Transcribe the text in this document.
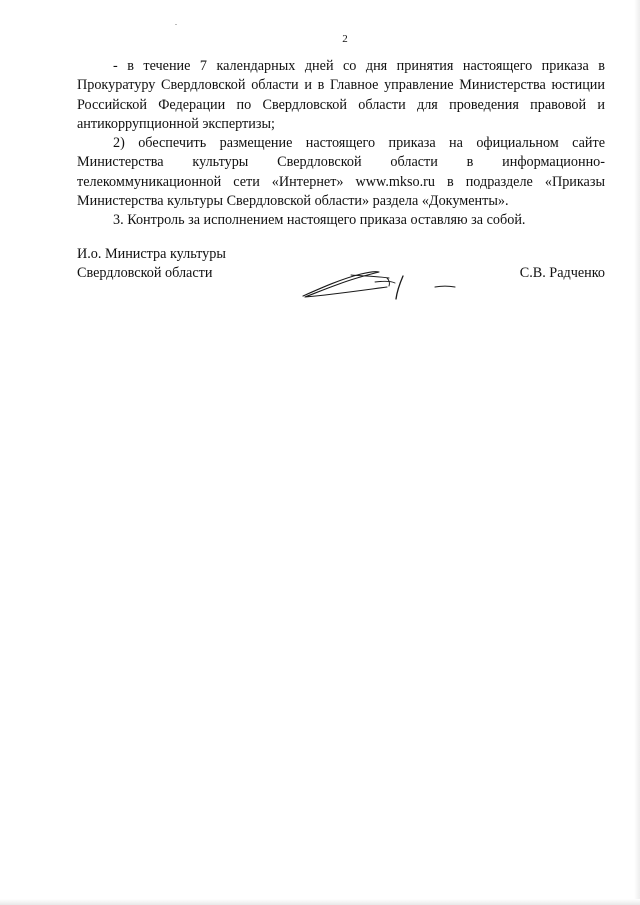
2

- в течение 7 календарных дней со дня принятия настоящего приказа в Прокуратуру Свердловской области и в Главное управление Министерства юстиции Российской Федерации по Свердловской области для проведения правовой и антикоррупционной экспертизы;

2) обеспечить размещение настоящего приказа на официальном сайте Министерства культуры Свердловской области в информационно-телекоммуникационной сети «Интернет» www.mkso.ru в подразделе «Приказы Министерства культуры Свердловской области» раздела «Документы».

3. Контроль за исполнением настоящего приказа оставляю за собой.

И.о. Министра культуры
Свердловской области	С.В. Радченко
